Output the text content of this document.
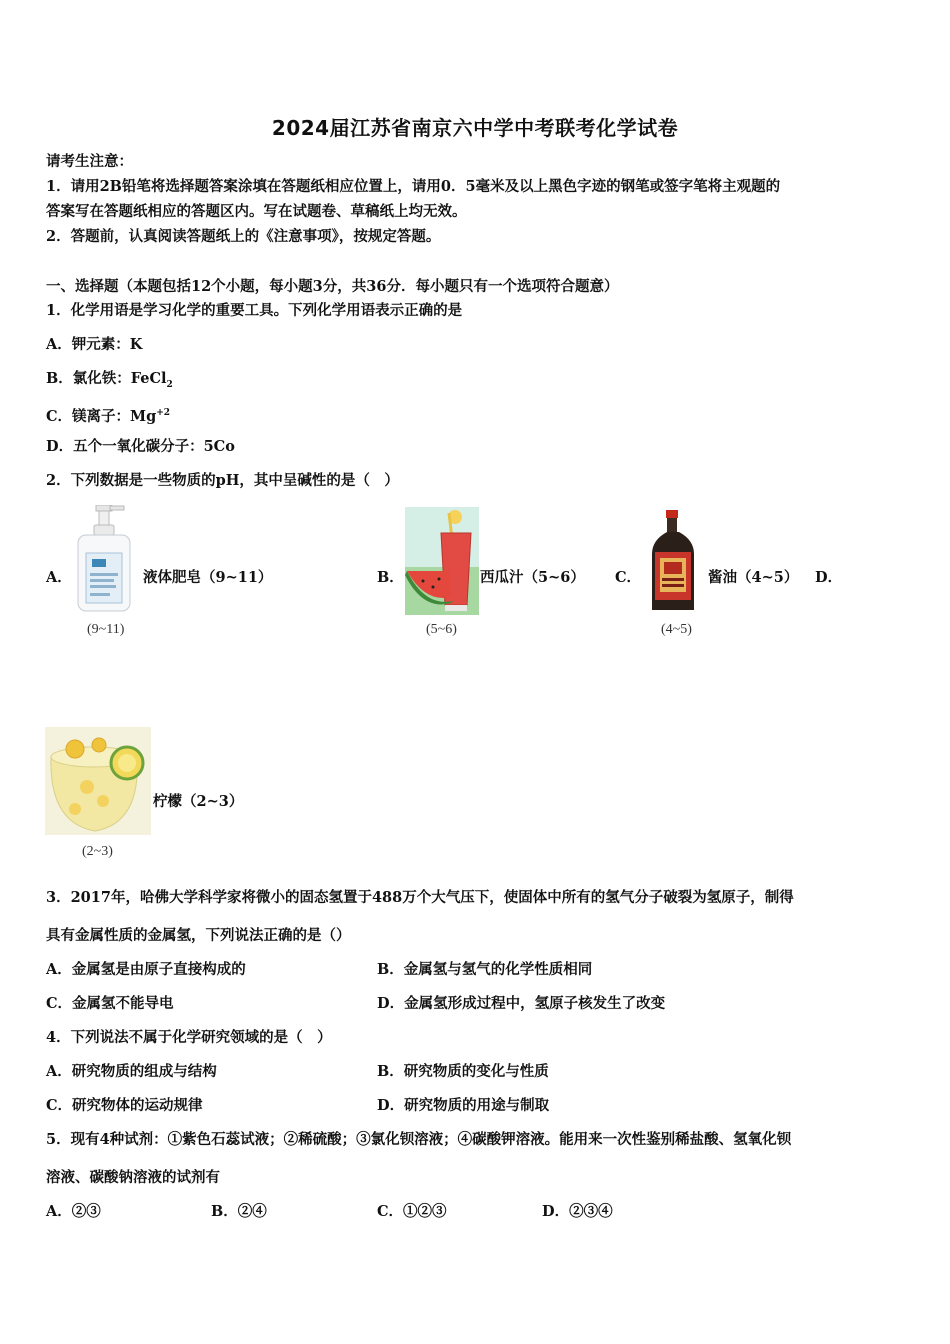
2024届江苏省南京六中学中考联考化学试卷
请考生注意：
1．请用2B铅笔将选择题答案涂填在答题纸相应位置上，请用0．5毫米及以上黑色字迹的钢笔或签字笔将主观题的
答案写在答题纸相应的答题区内。写在试题卷、草稿纸上均无效。
2．答题前，认真阅读答题纸上的《注意事项》，按规定答题。
一、选择题（本题包括12个小题，每小题3分，共36分．每小题只有一个选项符合题意）
1．化学用语是学习化学的重要工具。下列化学用语表示正确的是
A．钾元素：K
B．氯化铁：FeCl$_2$
C．镁离子：$Mg^{+2}$
D．五个一氧化碳分子：5Co
2．下列数据是一些物质的pH，其中呈碱性的是（　）
A．
(9~11)
液体肥皂（9~11）	B．
(5~6)
西瓜汁（5~6） C．
(4~5)
酱油（4~5） D．
柠檬（2~3）
(2~3)
3．2017年，哈佛大学科学家将微小的固态氢置于488万个大气压下，使固体中所有的氢气分子破裂为氢原子，制得
具有金属性质的金属氢，下列说法正确的是（）
A．金属氢是由原子直接构成的	B．金属氢与氢气的化学性质相同
C．金属氢不能导电	D．金属氢形成过程中，氢原子核发生了改变
4．下列说法不属于化学研究领域的是（　）
A．研究物质的组成与结构	B．研究物质的变化与性质
C．研究物体的运动规律	D．研究物质的用途与制取
5．现有4种试剂：①紫色石蕊试液；②稀硫酸；③氯化钡溶液；④碳酸钾溶液。能用来一次性鉴别稀盐酸、氢氧化钡
溶液、碳酸钠溶液的试剂有
A．②③	B．②④	C．①②③	D．②③④
